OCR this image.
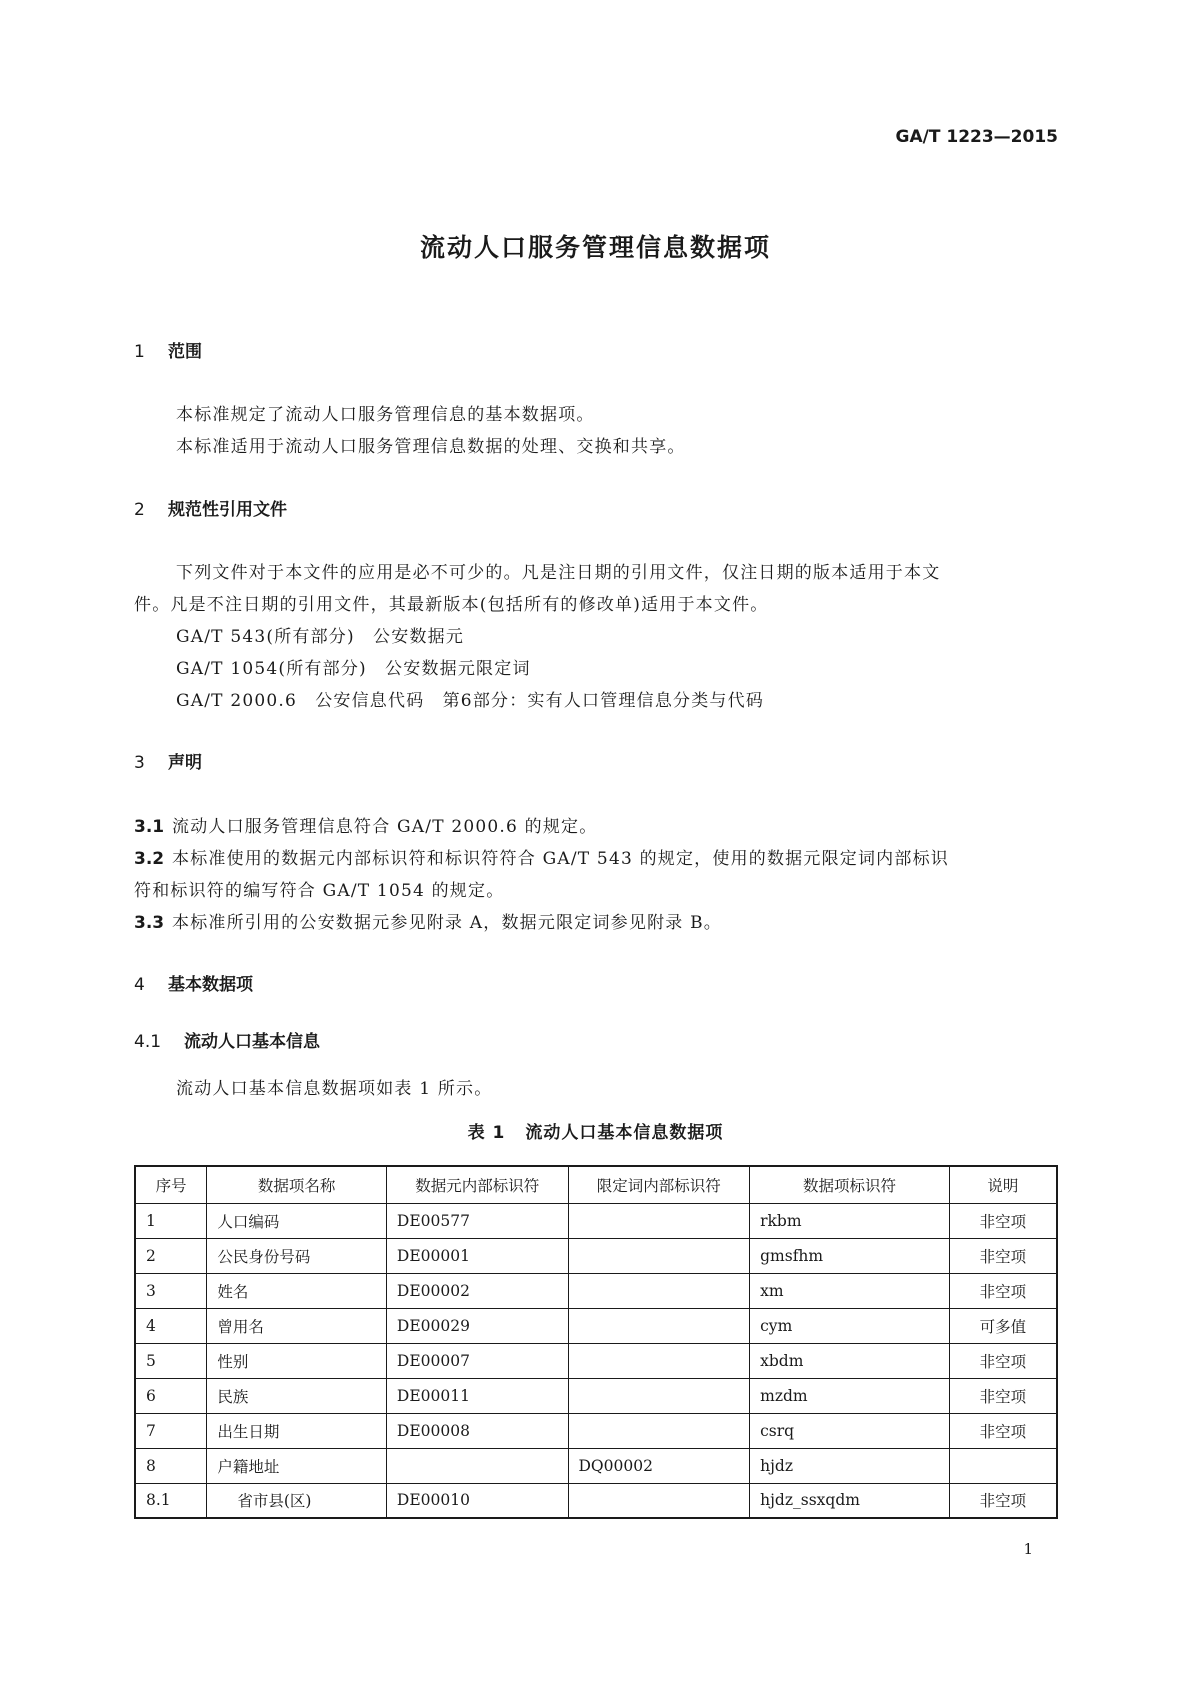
GA/T 1223—2015
流动人口服务管理信息数据项
1 范围
本标准规定了流动人口服务管理信息的基本数据项。
本标准适用于流动人口服务管理信息数据的处理、交换和共享。
2 规范性引用文件
下列文件对于本文件的应用是必不可少的。凡是注日期的引用文件，仅注日期的版本适用于本文
件。凡是不注日期的引用文件，其最新版本(包括所有的修改单)适用于本文件。
GA/T 543(所有部分)　公安数据元
GA/T 1054(所有部分)　公安数据元限定词
GA/T 2000.6　公安信息代码　第6部分：实有人口管理信息分类与代码
3 声明
3.1 流动人口服务管理信息符合 GA/T 2000.6 的规定。
3.2 本标准使用的数据元内部标识符和标识符符合 GA/T 543 的规定，使用的数据元限定词内部标识
符和标识符的编写符合 GA/T 1054 的规定。
3.3 本标准所引用的公安数据元参见附录 A，数据元限定词参见附录 B。
4 基本数据项
4.1 流动人口基本信息
流动人口基本信息数据项如表 1 所示。
表 1 流动人口基本信息数据项
序号	数据项名称	数据元内部标识符	限定词内部标识符	数据项标识符	说明
1	人口编码	DE00577		rkbm	非空项
2	公民身份号码	DE00001		gmsfhm	非空项
3	姓名	DE00002		xm	非空项
4	曾用名	DE00029		cym	可多值
5	性别	DE00007		xbdm	非空项
6	民族	DE00011		mzdm	非空项
7	出生日期	DE00008		csrq	非空项
8	户籍地址		DQ00002	hjdz	
8.1	省市县(区)	DE00010		hjdz_ssxqdm	非空项
1
